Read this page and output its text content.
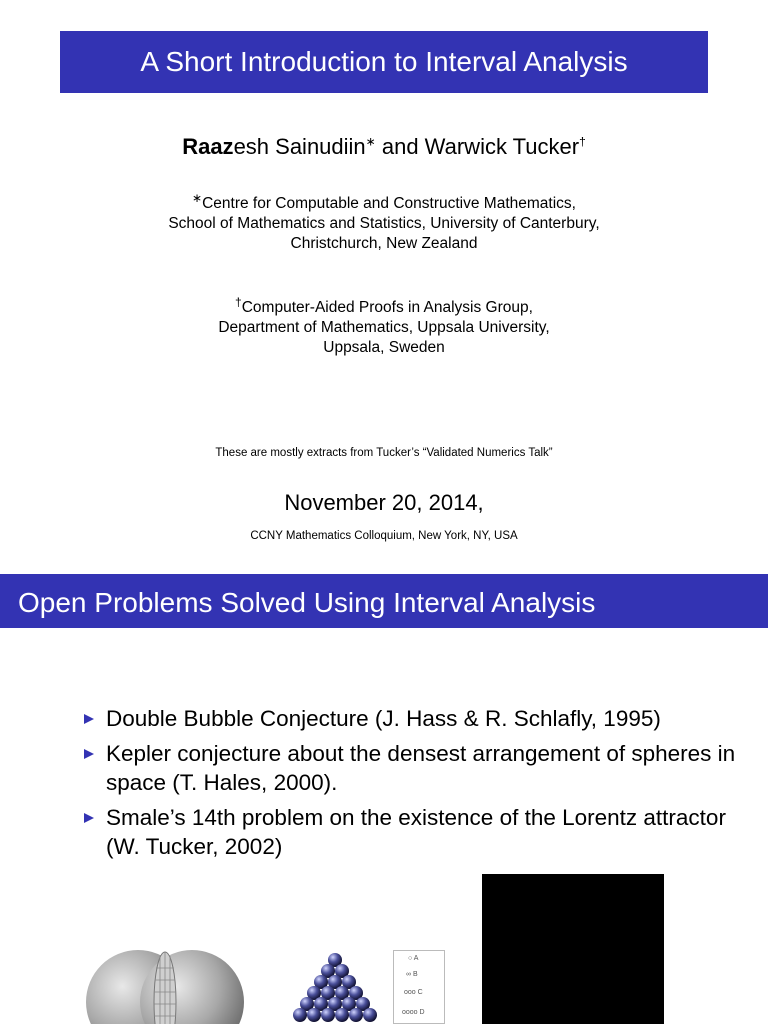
A Short Introduction to Interval Analysis
Raazesh Sainudiin∗ and Warwick Tucker†
∗Centre for Computable and Constructive Mathematics,
School of Mathematics and Statistics, University of Canterbury,
Christchurch, New Zealand
†Computer-Aided Proofs in Analysis Group,
Department of Mathematics, Uppsala University,
Uppsala, Sweden
These are mostly extracts from Tucker’s “Validated Numerics Talk”
November 20, 2014,
CCNY Mathematics Colloquium, New York, NY, USA
Open Problems Solved Using Interval Analysis
Double Bubble Conjecture (J. Hass & R. Schlafly, 1995)
Kepler conjecture about the densest arrangement of spheres in space (T. Hales, 2000).
Smale’s 14th problem on the existence of the Lorentz attractor (W. Tucker, 2002)
○ A
∞ B
ooo C
oooo D
